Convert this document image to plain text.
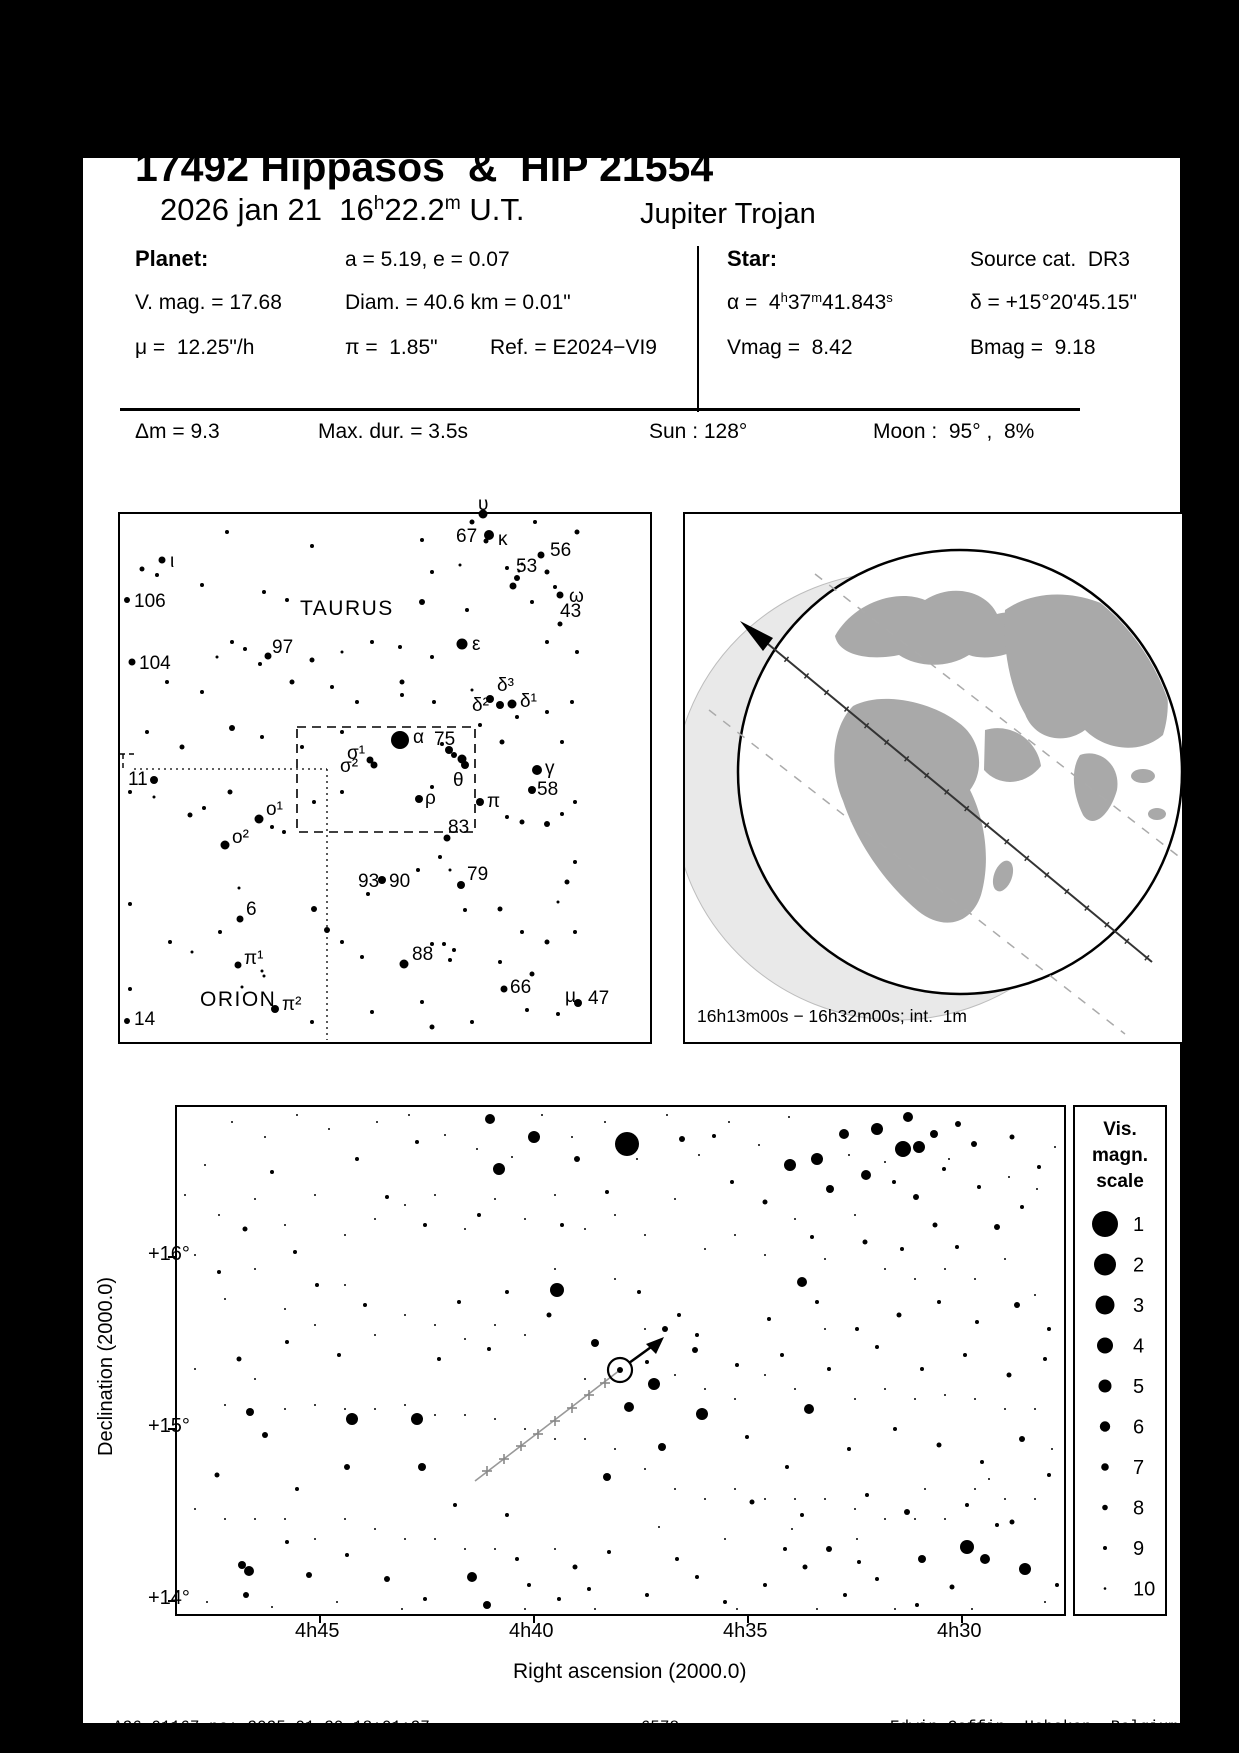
17492 Hippasos  &  HIP 21554
2026 jan 21  16$^h$22.2$^m$ U.T.	Jupiter Trojan
Planet:	a = 5.19, e = 0.07
V. mag. = 17.68	Diam. = 40.6 km = 0.01"
μ =  12.25"/h	π =  1.85" Ref. = E2024−VI9
Star:	Source cat.  DR3
α =  4$^h$37$^m$41.843$^s$	δ = +15°20'45.15"
Vmag =  8.42	Bmag =  9.18
Δm = 9.3	Max. dur. = 3.5s	Sun : 128°	Moon :  95° ,  8%
ι
106
104
97
υ
67 κ
56
53
ω
43
ε
δ³
δ² δ¹
α 75
σ¹
σ²
θ
ρ	π
γ
58
83
79
93 90
11
ο¹
ο²
6
π¹
π²
14
88
66 μ 47
TAURUS
ORION
16h13m00s − 16h32m00s; int.  1m
+16°
+15°
+14°
4h45	4h40	4h35	4h30
Right ascension (2000.0)
Declination (2000.0)
Vis.
magn.
scale
1
2
3
4
5
6
7
8
9
10
A26_01167.ps: 2025-01-29 18:01:27	6578	Edwin Goffin, Hoboken, Belgium
